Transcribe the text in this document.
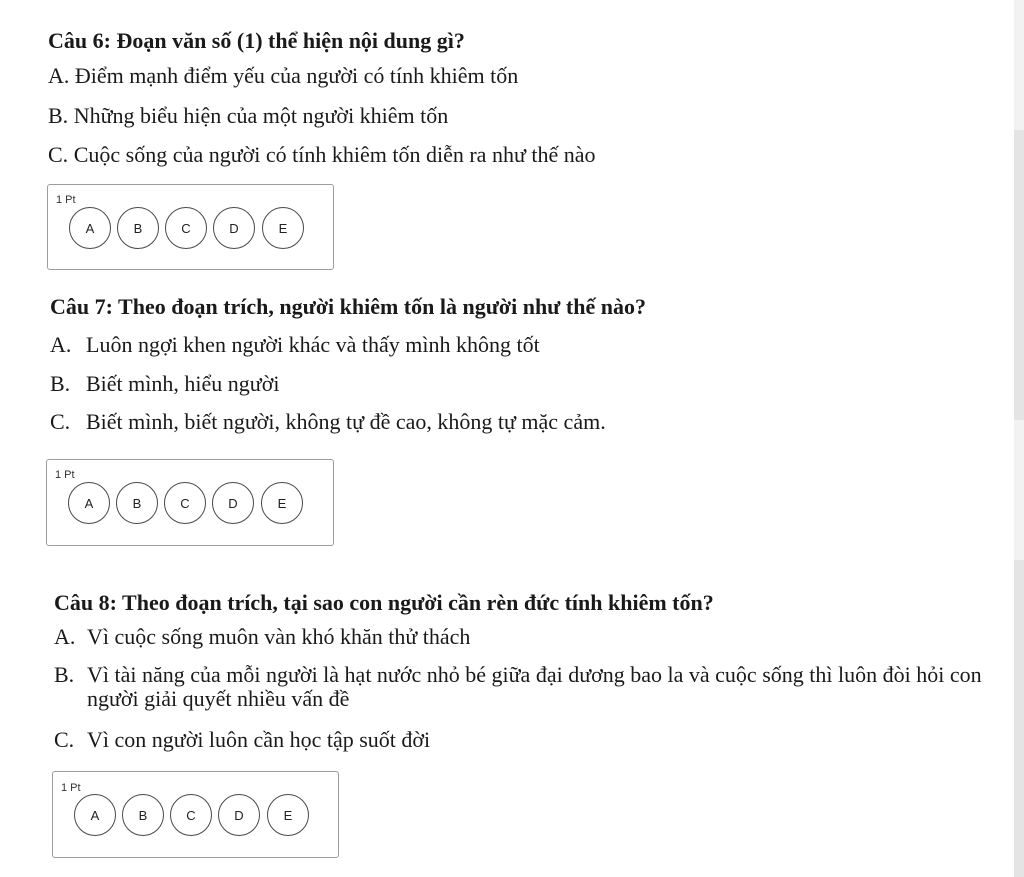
Câu 6: Đoạn văn số (1) thể hiện nội dung gì?
A. Điểm mạnh điểm yếu của người có tính khiêm tốn
B. Những biểu hiện của một người khiêm tốn
C. Cuộc sống của người có tính khiêm tốn diễn ra như thế nào
1 Pt
A	B	C	D	E
Câu 7: Theo đoạn trích, người khiêm tốn là người như thế nào?
A. Luôn ngợi khen người khác và thấy mình không tốt
B. Biết mình, hiểu người
C. Biết mình, biết người, không tự đề cao, không tự mặc cảm.
1 Pt
A	B	C	D	E
Câu 8: Theo đoạn trích, tại sao con người cần rèn đức tính khiêm tốn?
A. Vì cuộc sống muôn vàn khó khăn thử thách
B. Vì tài năng của mỗi người là hạt nước nhỏ bé giữa đại dương bao la và cuộc sống thì luôn đòi hỏi con người giải quyết nhiều vấn đề
C. Vì con người luôn cần học tập suốt đời
1 Pt
A	B	C	D	E
